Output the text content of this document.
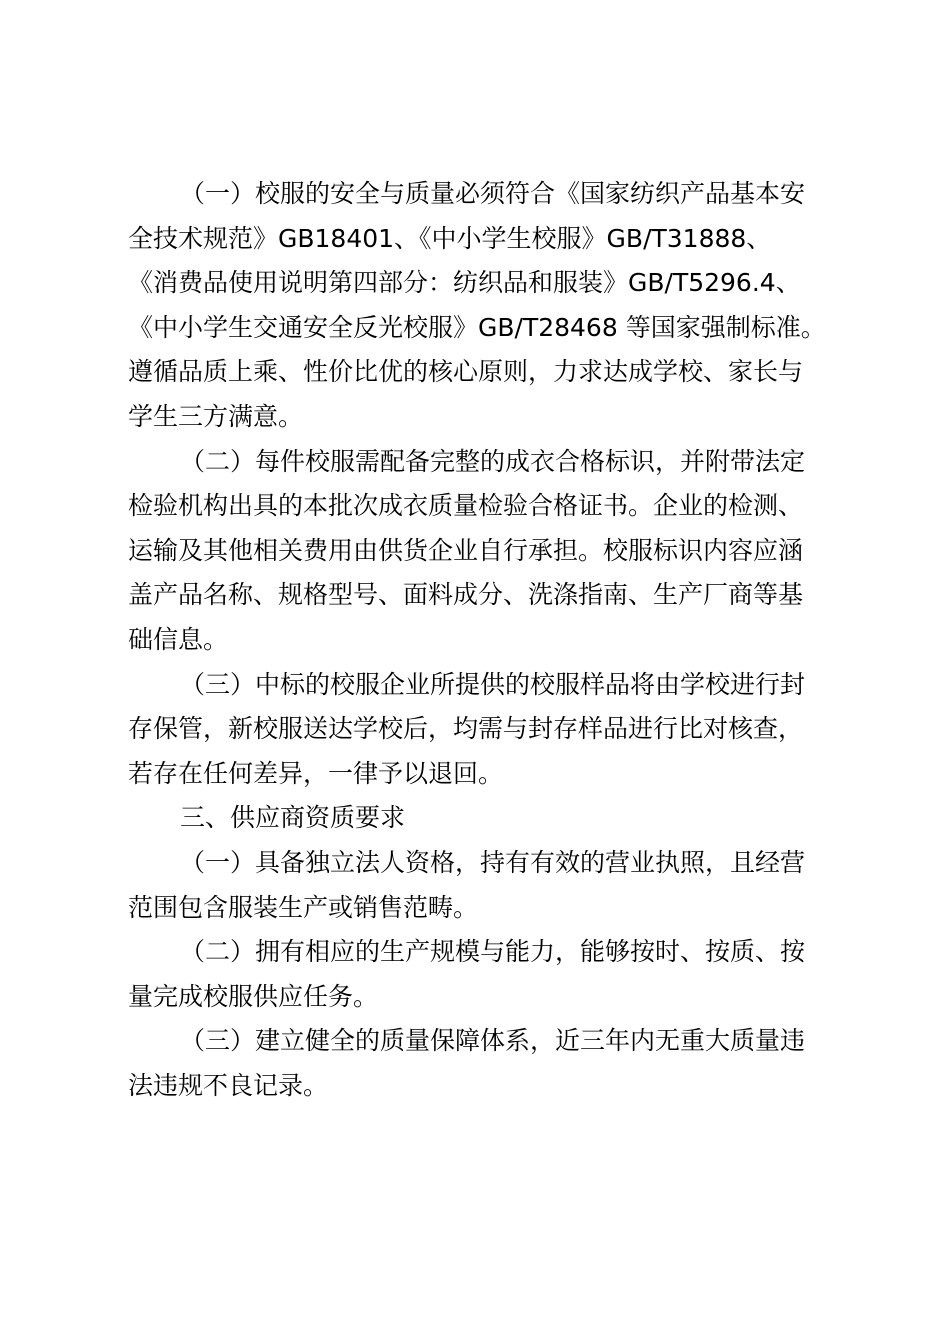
（一）校服的安全与质量必须符合《国家纺织产品基本安
全技术规范》GB18401、《中小学生校服》GB/T31888、
《消费品使用说明第四部分：纺织品和服装》GB/T5296.4、
《中小学生交通安全反光校服》GB/T28468 等国家强制标准。
遵循品质上乘、性价比优的核心原则，力求达成学校、家长与
学生三方满意。
（二）每件校服需配备完整的成衣合格标识，并附带法定
检验机构出具的本批次成衣质量检验合格证书。企业的检测、
运输及其他相关费用由供货企业自行承担。校服标识内容应涵
盖产品名称、规格型号、面料成分、洗涤指南、生产厂商等基
础信息。
（三）中标的校服企业所提供的校服样品将由学校进行封
存保管，新校服送达学校后，均需与封存样品进行比对核查，
若存在任何差异，一律予以退回。
三、供应商资质要求
（一）具备独立法人资格，持有有效的营业执照，且经营
范围包含服装生产或销售范畴。
（二）拥有相应的生产规模与能力，能够按时、按质、按
量完成校服供应任务。
（三）建立健全的质量保障体系，近三年内无重大质量违
法违规不良记录。
